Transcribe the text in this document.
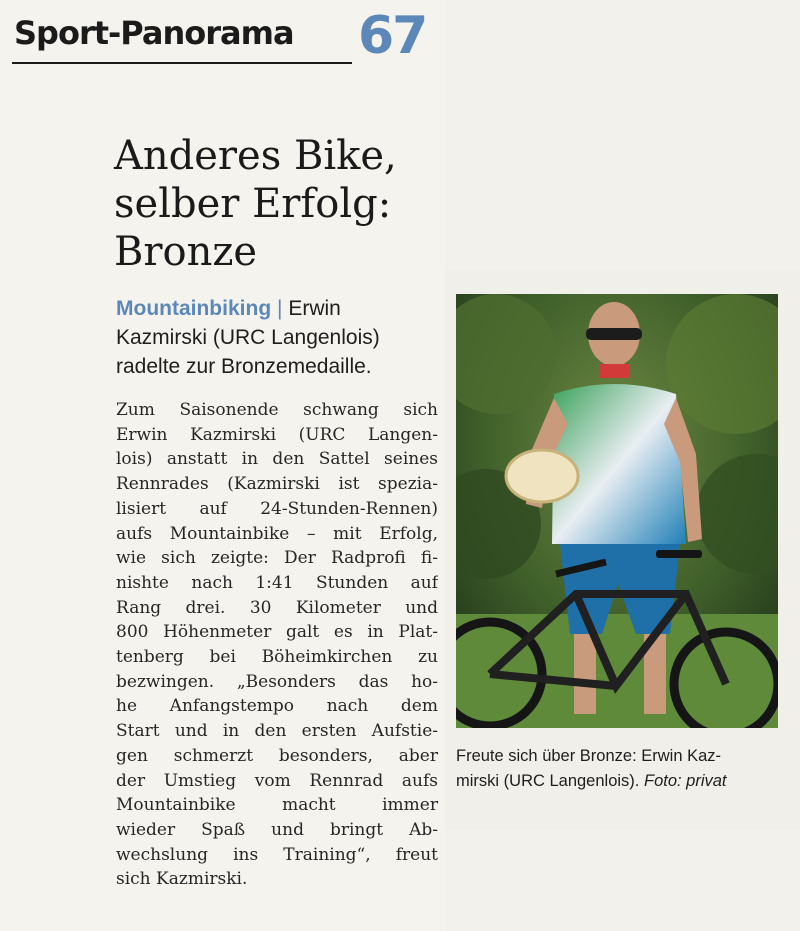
Sport-Panorama 67
Anderes Bike,
selber Erfolg:
Bronze
Mountainbiking | Erwin
Kazmirski (URC Langenlois)
radelte zur Bronzemedaille.
Zum Saisonende schwang sich
Erwin Kazmirski (URC Langen-
lois) anstatt in den Sattel seines
Rennrades (Kazmirski ist spezia-
lisiert auf 24-Stunden-Rennen)
aufs Mountainbike – mit Erfolg,
wie sich zeigte: Der Radprofi fi-
nishte nach 1:41 Stunden auf
Rang drei. 30 Kilometer und
800 Höhenmeter galt es in Plat-
tenberg bei Böheimkirchen zu
bezwingen. „Besonders das ho-
he Anfangstempo nach dem
Start und in den ersten Aufstie-
gen schmerzt besonders, aber
der Umstieg vom Rennrad aufs
Mountainbike macht immer
wieder Spaß und bringt Ab-
wechslung ins Training“, freut
sich Kazmirski.
Freute sich über Bronze: Erwin Kaz-
mirski (URC Langenlois). Foto: privat
